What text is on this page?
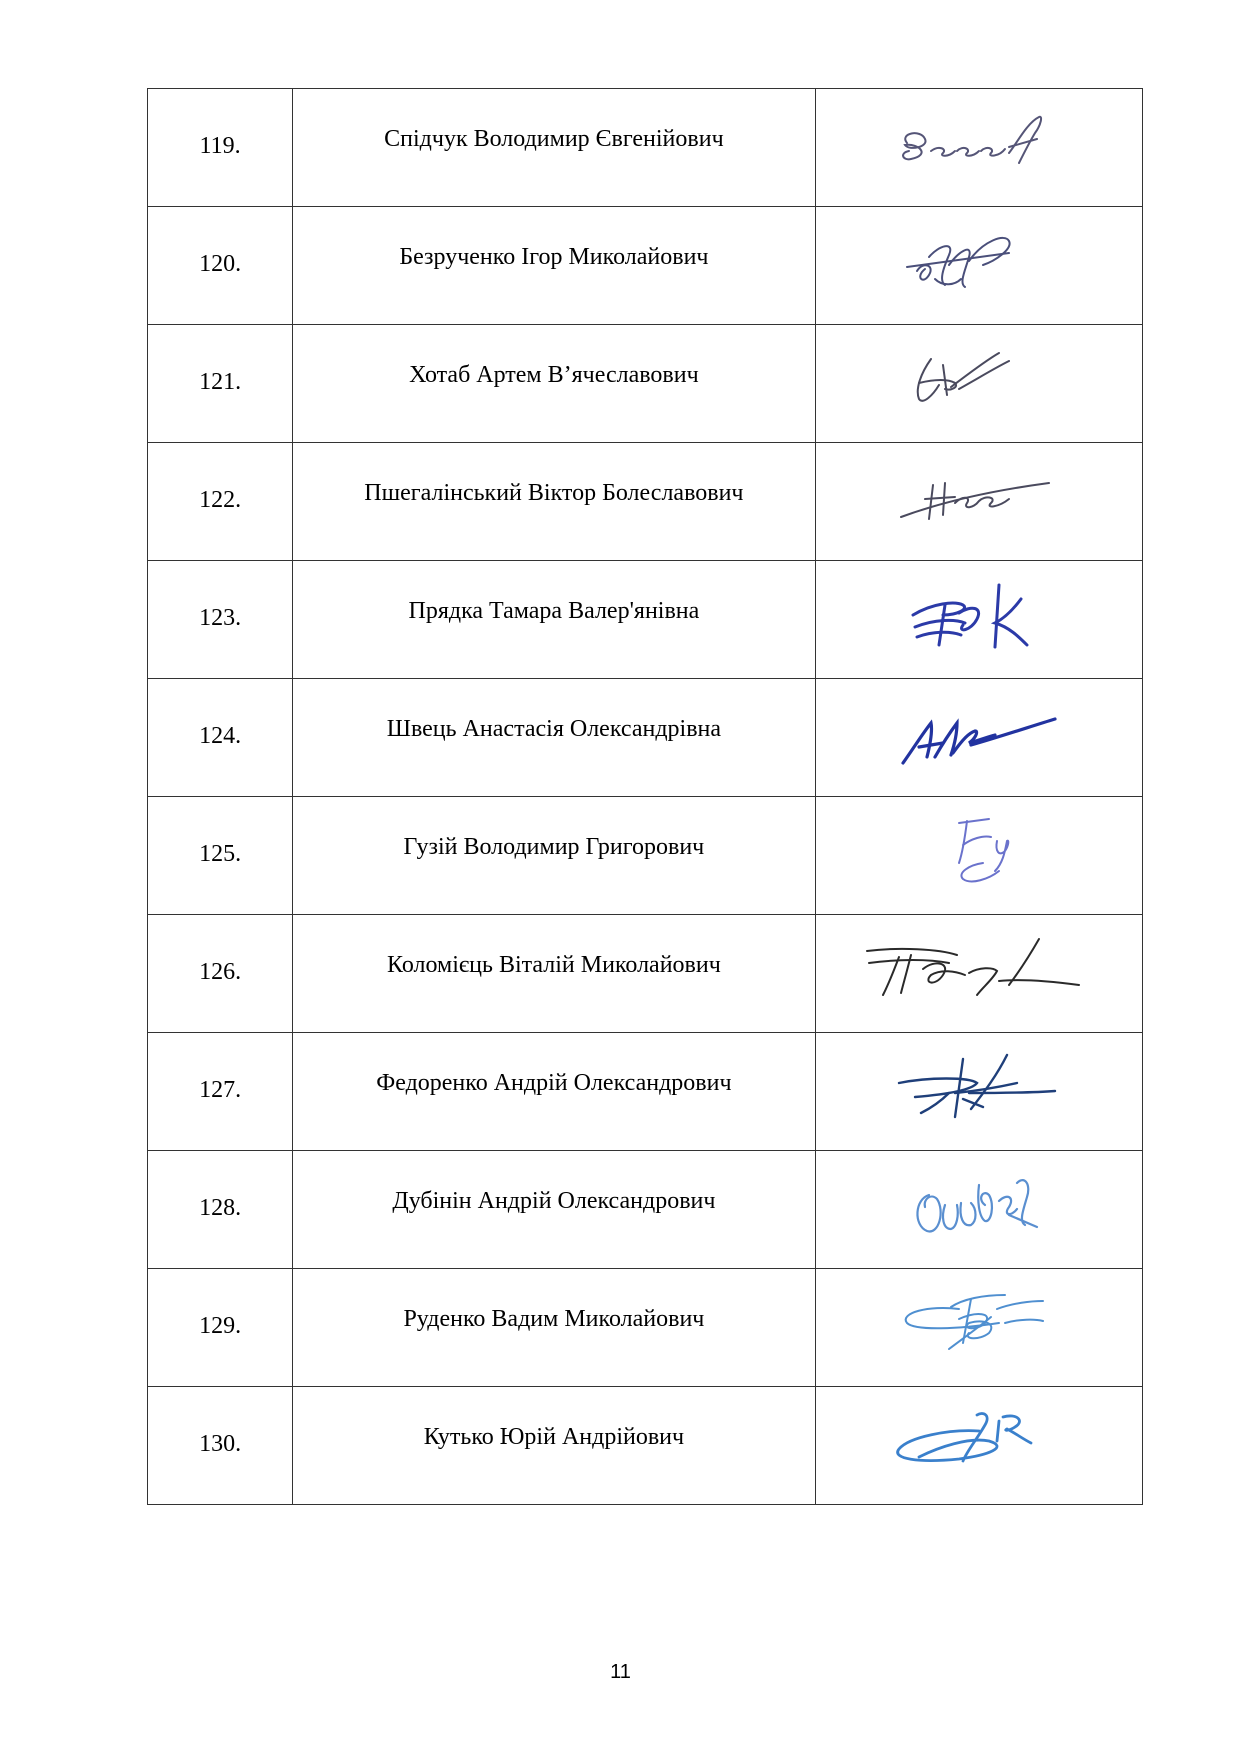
119.	Спідчук Володимир Євгенійович

120.	Безрученко Ігор Миколайович

121.	Хотаб Артем В’ячеславович

122.	Пшегалінський Віктор Болеславович

123.	Прядка Тамара Валер'янівна

124.	Швець Анастасія Олександрівна

125.	Гузій Володимир Григорович

126.	Коломієць Віталій Миколайович

127.	Федоренко Андрій Олександрович

128.	Дубінін Андрій Олександрович

129.	Руденко Вадим Миколайович

130.	Кутько Юрій Андрійович

11
